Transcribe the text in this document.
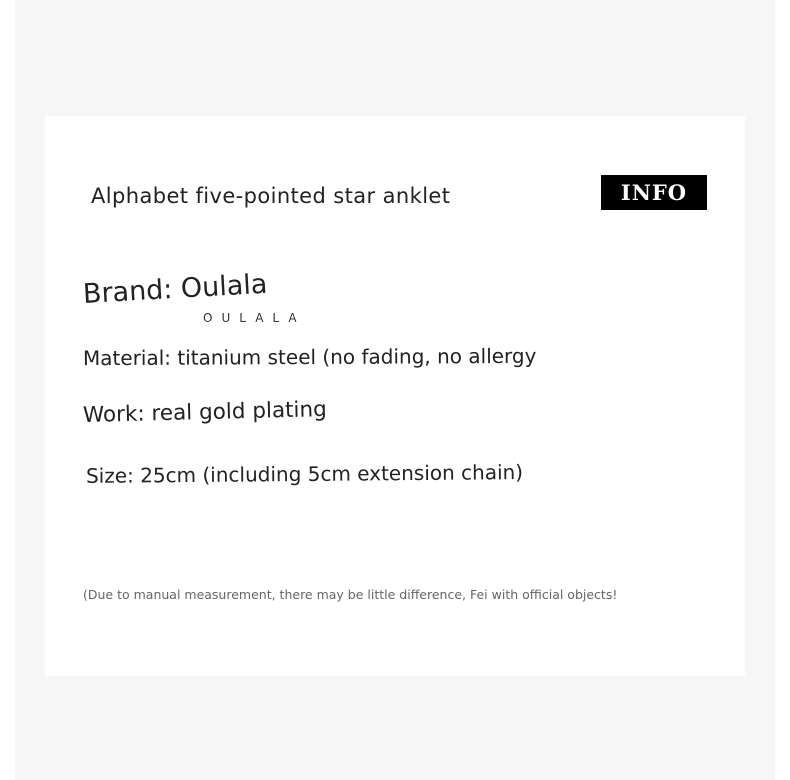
Alphabet five-pointed star anklet	INFO
Brand: Oulala
OULALA
Material: titanium steel (no fading, no allergy
Work: real gold plating
Size: 25cm (including 5cm extension chain)
(Due to manual measurement, there may be little difference, Fei with official objects!
